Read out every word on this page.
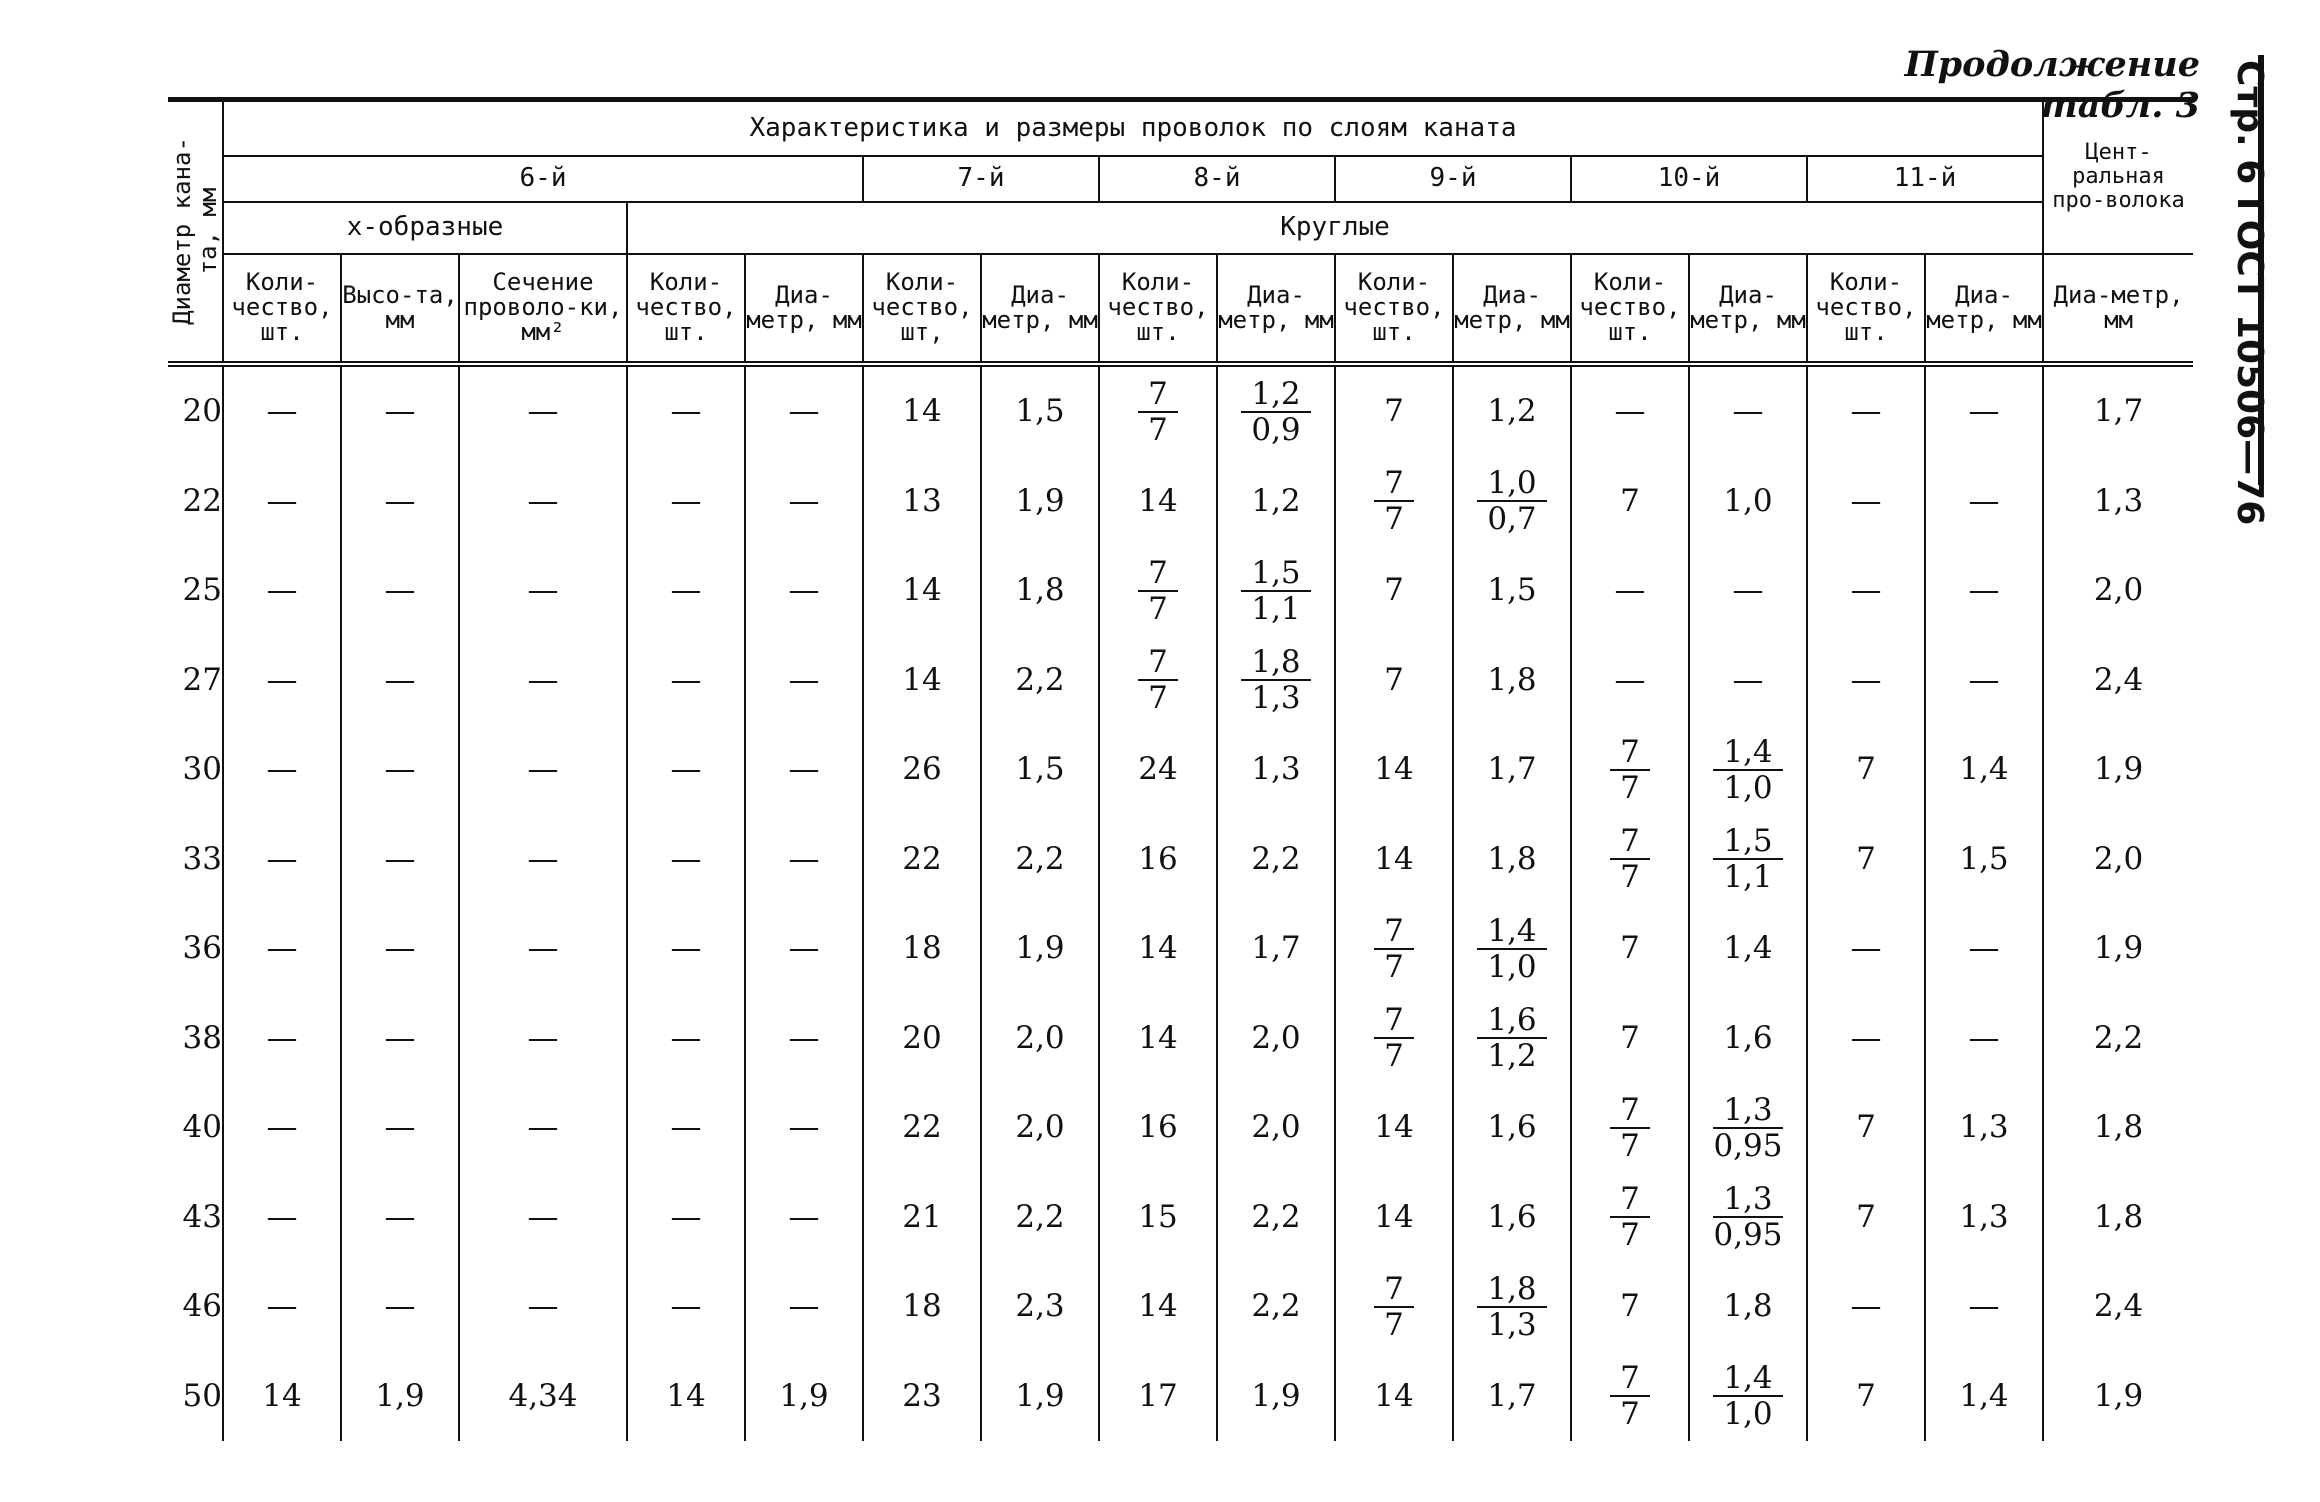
Продолжение табл. 3 Стр. 6 ГОСТ 10506—76
Диаметр кана-та, мм	Характеристика и размеры проволок по слоям каната															Цент-ральная про-волока
	6-й					7-й		8-й		9-й		10-й		11-й		
	х-образные			Круглые												
	Коли-чество, шт.	Высо-та, мм	Сечение проволо-ки, мм²	Коли-чество, шт.	Диа-метр, мм	Коли-чество, шт,	Диа-метр, мм	Коли-чество, шт.	Диа-метр, мм	Коли-чество, шт.	Диа-метр, мм	Коли-чество, шт.	Диа-метр, мм	Коли-чество, шт.	Диа-метр, мм	Диа-метр, мм
20	—	—	—	—	—	14	1,5	$\frac{7}{7}$	$\frac{1,2}{0,9}$	7	1,2	—	—	—	—	1,7
22	—	—	—	—	—	13	1,9	14	1,2	$\frac{7}{7}$	$\frac{1,0}{0,7}$	7	1,0	—	—	1,3
25	—	—	—	—	—	14	1,8	$\frac{7}{7}$	$\frac{1,5}{1,1}$	7	1,5	—	—	—	—	2,0
27	—	—	—	—	—	14	2,2	$\frac{7}{7}$	$\frac{1,8}{1,3}$	7	1,8	—	—	—	—	2,4
30	—	—	—	—	—	26	1,5	24	1,3	14	1,7	$\frac{7}{7}$	$\frac{1,4}{1,0}$	7	1,4	1,9
33	—	—	—	—	—	22	2,2	16	2,2	14	1,8	$\frac{7}{7}$	$\frac{1,5}{1,1}$	7	1,5	2,0
36	—	—	—	—	—	18	1,9	14	1,7	$\frac{7}{7}$	$\frac{1,4}{1,0}$	7	1,4	—	—	1,9
38	—	—	—	—	—	20	2,0	14	2,0	$\frac{7}{7}$	$\frac{1,6}{1,2}$	7	1,6	—	—	2,2
40	—	—	—	—	—	22	2,0	16	2,0	14	1,6	$\frac{7}{7}$	$\frac{1,3}{0,95}$	7	1,3	1,8
43	—	—	—	—	—	21	2,2	15	2,2	14	1,6	$\frac{7}{7}$	$\frac{1,3}{0,95}$	7	1,3	1,8
46	—	—	—	—	—	18	2,3	14	2,2	$\frac{7}{7}$	$\frac{1,8}{1,3}$	7	1,8	—	—	2,4
50	14	1,9	4,34	14	1,9	23	1,9	17	1,9	14	1,7	$\frac{7}{7}$	$\frac{1,4}{1,0}$	7	1,4	1,9
